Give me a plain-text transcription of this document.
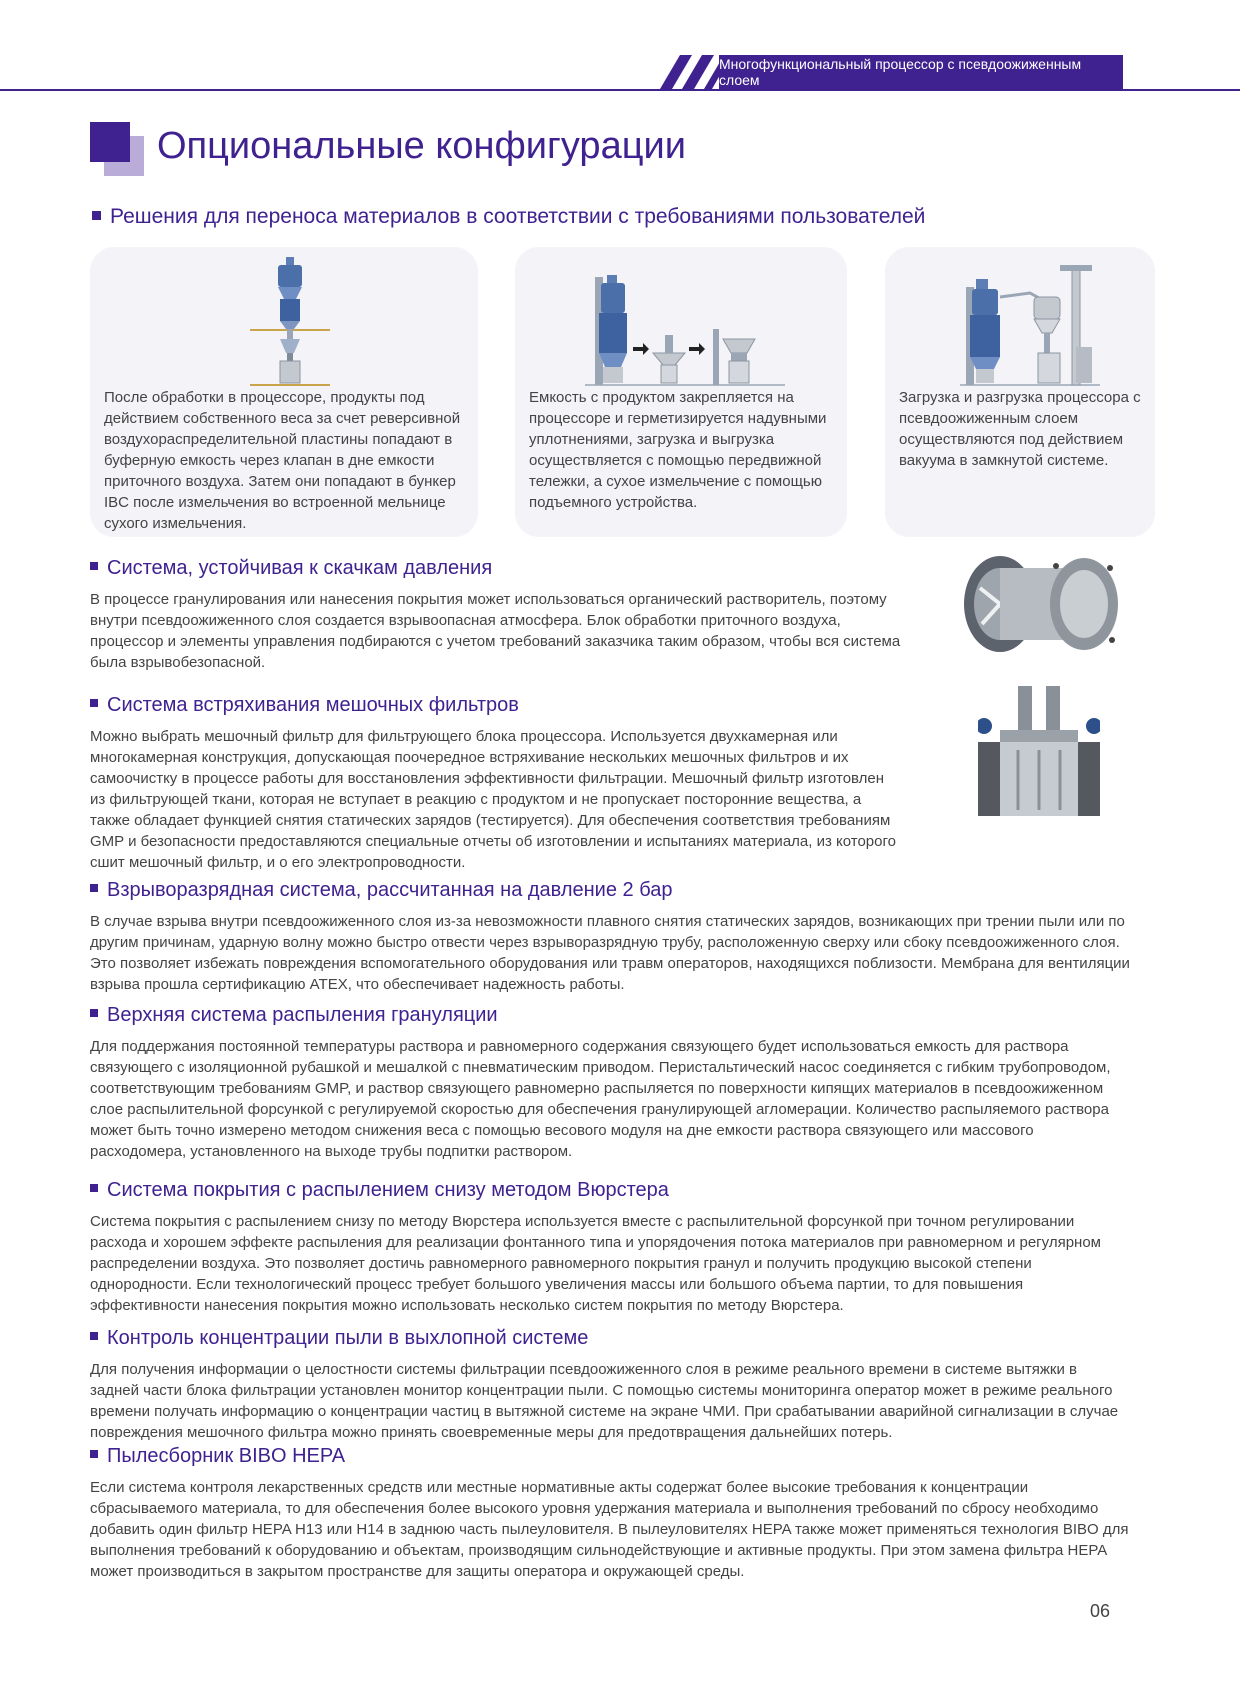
Многофункциональный процессор с псевдоожиженным слоем
Опциональные конфигурации
Решения для переноса материалов в соответствии с требованиями пользователей
После обработки в процессоре, продукты под действием собственного веса за счет реверсивной воздухораспределительной пластины попадают в буферную емкость через клапан в дне емкости приточного воздуха. Затем они попадают в бункер IBC после измельчения во встроенной мельнице сухого измельчения.
Емкость с продуктом закрепляется на процессоре и герметизируется надувными уплотнениями, загрузка и выгрузка осуществляется с помощью передвижной тележки, а сухое измельчение с помощью подъемного устройства.
Загрузка и разгрузка процессора с псевдоожиженным слоем осуществляются под действием вакуума в замкнутой системе.
Система, устойчивая к скачкам давления

В процессе гранулирования или нанесения покрытия может использоваться органический растворитель, поэтому внутри псевдоожиженного слоя создается взрывоопасная атмосфера. Блок обработки приточного воздуха, процессор и элементы управления подбираются с учетом требований заказчика таким образом, чтобы вся система была взрывобезопасной.

Система встряхивания мешочных фильтров

Можно выбрать мешочный фильтр для фильтрующего блока процессора. Используется двухкамерная или многокамерная конструкция, допускающая поочередное встряхивание нескольких мешочных фильтров и их самоочистку в процессе работы для восстановления эффективности фильтрации. Мешочный фильтр изготовлен из фильтрующей ткани, которая не вступает в реакцию с продуктом и не пропускает посторонние вещества, а также обладает функцией снятия статических зарядов (тестируется). Для обеспечения соответствия требованиям GMP и безопасности предоставляются специальные отчеты об изготовлении и испытаниях материала, из которого сшит мешочный фильтр, и о его электропроводности.

Взрыворазрядная система, рассчитанная на давление 2 бар

В случае взрыва внутри псевдоожиженного слоя из-за невозможности плавного снятия статических зарядов, возникающих при трении пыли или по другим причинам, ударную волну можно быстро отвести через взрыворазрядную трубу, расположенную сверху или сбоку псевдоожиженного слоя. Это позволяет избежать повреждения вспомогательного оборудования или травм операторов, находящихся поблизости. Мембрана для вентиляции взрыва прошла сертификацию ATEX, что обеспечивает надежность работы.

Верхняя система распыления грануляции

Для поддержания постоянной температуры раствора и равномерного содержания связующего будет использоваться емкость для раствора связующего с изоляционной рубашкой и мешалкой с пневматическим приводом. Перистальтический насос соединяется с гибким трубопроводом, соответствующим требованиям GMP, и раствор связующего равномерно распыляется по поверхности кипящих материалов в псевдоожиженном слое распылительной форсункой с регулируемой скоростью для обеспечения гранулирующей агломерации. Количество распыляемого раствора может быть точно измерено методом снижения веса с помощью весового модуля на дне емкости раствора связующего или массового расходомера, установленного на выходе трубы подпитки раствором.

Система покрытия с распылением снизу методом Вюрстера

Система покрытия с распылением снизу по методу Вюрстера используется вместе с распылительной форсункой при точном регулировании расхода и хорошем эффекте распыления для реализации фонтанного типа и упорядочения потока материалов при равномерном и регулярном распределении воздуха. Это позволяет достичь равномерного равномерного покрытия гранул и получить продукцию высокой степени однородности. Если технологический процесс требует большого увеличения массы или большого объема партии, то для повышения эффективности нанесения покрытия можно использовать несколько систем покрытия по методу Вюрстера.

Контроль концентрации пыли в выхлопной системе

Для получения информации о целостности системы фильтрации псевдоожиженного слоя в режиме реального времени в системе вытяжки в задней части блока фильтрации установлен монитор концентрации пыли. С помощью системы мониторинга оператор может в режиме реального времени получать информацию о концентрации частиц в вытяжной системе на экране ЧМИ. При срабатывании аварийной сигнализации в случае повреждения мешочного фильтра можно принять своевременные меры для предотвращения дальнейших потерь.

Пылесборник BIBO HEPA

Если система контроля лекарственных средств или местные нормативные акты содержат более высокие требования к концентрации сбрасываемого материала, то для обеспечения более высокого уровня удержания материала и выполнения требований по сбросу необходимо добавить один фильтр HEPA H13 или H14 в заднюю часть пылеуловителя. В пылеуловителях HEPA также может применяться технология BIBO для выполнения требований к оборудованию и объектам, производящим сильнодействующие и активные продукты. При этом замена фильтра HEPA может производиться в закрытом пространстве для защиты оператора и окружающей среды.

06
